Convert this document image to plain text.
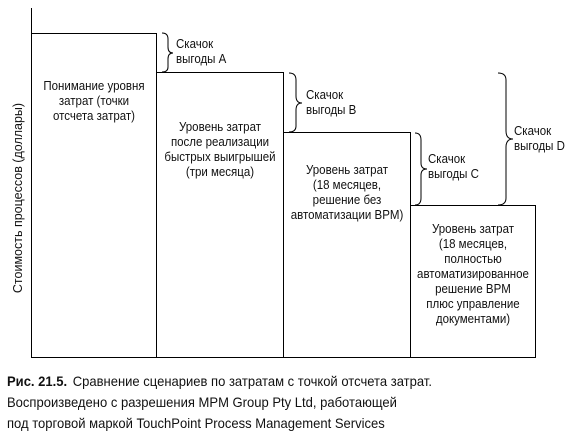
Стоимость процессов (доллары)
Понимание уровня
затрат (точки
отсчета затрат)
Уровень затрат
после реализации
быстрых выигрышей
(три месяца)	Уровень затрат
(18 месяцев,
решение без
автоматизации BPM)
Уровень затрат
(18 месяцев,
полностью
автоматизированное
решение BPM
плюс управление
документами)
Скачок
выгоды A
Скачок
выгоды B
Скачок
выгоды C
Скачок
выгоды D
Рис. 21.5. Сравнение сценариев по затратам с точкой отсчета затрат.
Воспроизведено с разрешения MPM Group Pty Ltd, работающей
под торговой маркой TouchPoint Process Management Services
